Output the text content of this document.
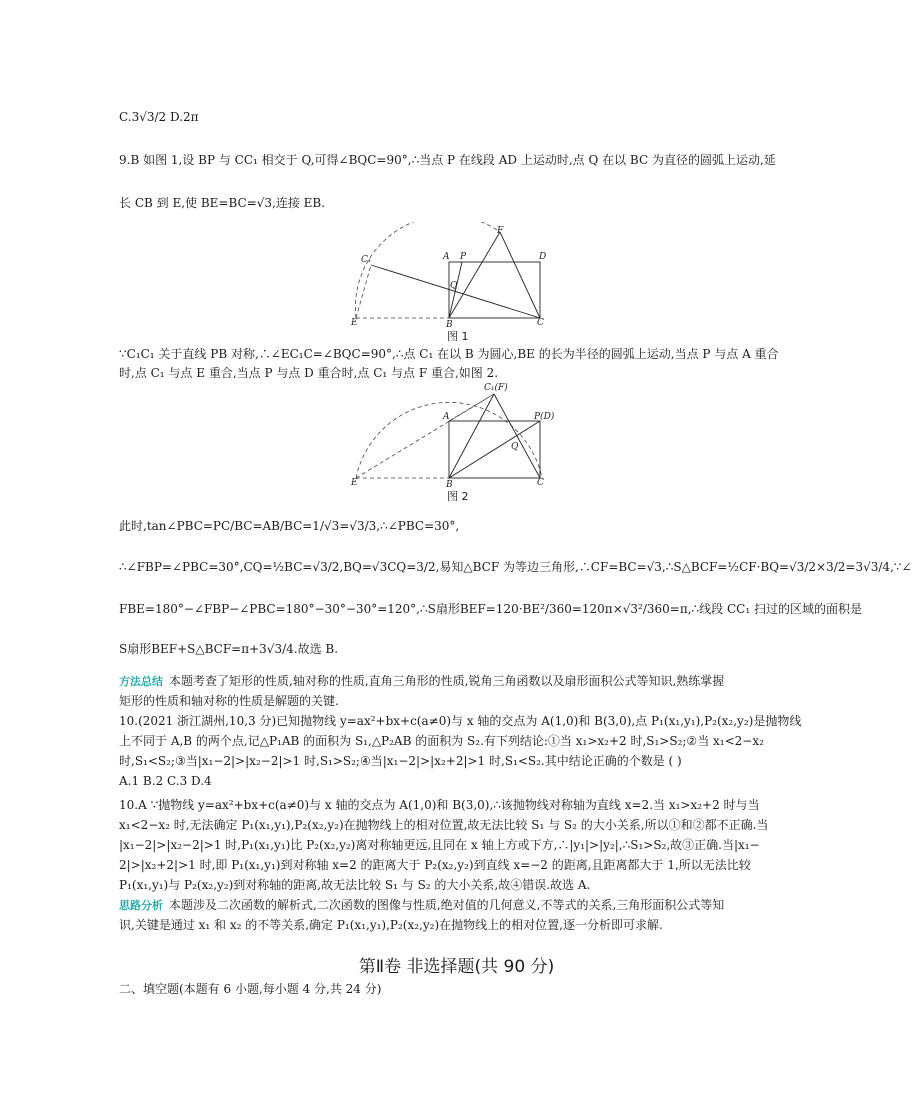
C.3√3/2 D.2π
9.B 如图 1,设 BP 与 CC₁ 相交于 Q,可得∠BQC=90°,∴当点 P 在线段 AD 上运动时,点 Q 在以 BC 为直径的圆弧上运动,延
长 CB 到 E,使 BE=BC=√3,连接 EB.
C₁	A P
F
D
Q
E	B	C
图 1
∵C₁C₁ 关于直线 PB 对称,∴∠EC₁C=∠BQC=90°,∴点 C₁ 在以 B 为圆心,BE 的长为半径的圆弧上运动,当点 P 与点 A 重合
时,点 C₁ 与点 E 重合,当点 P 与点 D 重合时,点 C₁ 与点 F 重合,如图 2.
C₁(F)
A	P(D)
Q
E	B	C
图 2
此时,tan∠PBC=PC/BC=AB/BC=1/√3=√3/3,∴∠PBC=30°,
∴∠FBP=∠PBC=30°,CQ=½BC=√3/2,BQ=√3CQ=3/2,易知△BCF 为等边三角形,∴CF=BC=√3,∴S△BCF=½CF·BQ=√3/2×3/2=3√3/4,∵∠
FBE=180°−∠FBP−∠PBC=180°−30°−30°=120°,∴S扇形BEF=120·BE²/360=120π×√3²/360=π,∴线段 CC₁ 扫过的区域的面积是
S扇形BEF+S△BCF=π+3√3/4.故选 B.
方法总结 本题考查了矩形的性质,轴对称的性质,直角三角形的性质,锐角三角函数以及扇形面积公式等知识,熟练掌握
矩形的性质和轴对称的性质是解题的关键.
10.(2021 浙江湖州,10,3 分)已知抛物线 y=ax²+bx+c(a≠0)与 x 轴的交点为 A(1,0)和 B(3,0),点 P₁(x₁,y₁),P₂(x₂,y₂)是抛物线
上不同于 A,B 的两个点,记△P₁AB 的面积为 S₁,△P₂AB 的面积为 S₂.有下列结论:①当 x₁>x₂+2 时,S₁>S₂;②当 x₁<2−x₂
时,S₁<S₂;③当|x₁−2|>|x₂−2|>1 时,S₁>S₂;④当|x₁−2|>|x₂+2|>1 时,S₁<S₂.其中结论正确的个数是 ( )
A.1 B.2 C.3 D.4
10.A ∵抛物线 y=ax²+bx+c(a≠0)与 x 轴的交点为 A(1,0)和 B(3,0),∴该抛物线对称轴为直线 x=2.当 x₁>x₂+2 时与当
x₁<2−x₂ 时,无法确定 P₁(x₁,y₁),P₂(x₂,y₂)在抛物线上的相对位置,故无法比较 S₁ 与 S₂ 的大小关系,所以①和②都不正确.当
|x₁−2|>|x₂−2|>1 时,P₁(x₁,y₁)比 P₂(x₂,y₂)离对称轴更远,且同在 x 轴上方或下方,∴|y₁|>|y₂|,∴S₁>S₂,故③正确.当|x₁−
2|>|x₂+2|>1 时,即 P₁(x₁,y₁)到对称轴 x=2 的距离大于 P₂(x₂,y₂)到直线 x=−2 的距离,且距离都大于 1,所以无法比较
P₁(x₁,y₁)与 P₂(x₂,y₂)到对称轴的距离,故无法比较 S₁ 与 S₂ 的大小关系,故④错误.故选 A.
思路分析 本题涉及二次函数的解析式,二次函数的图像与性质,绝对值的几何意义,不等式的关系,三角形面积公式等知
识,关键是通过 x₁ 和 x₂ 的不等关系,确定 P₁(x₁,y₁),P₂(x₂,y₂)在抛物线上的相对位置,逐一分析即可求解.
第Ⅱ卷 非选择题(共 90 分)
二、填空题(本题有 6 小题,每小题 4 分,共 24 分)
